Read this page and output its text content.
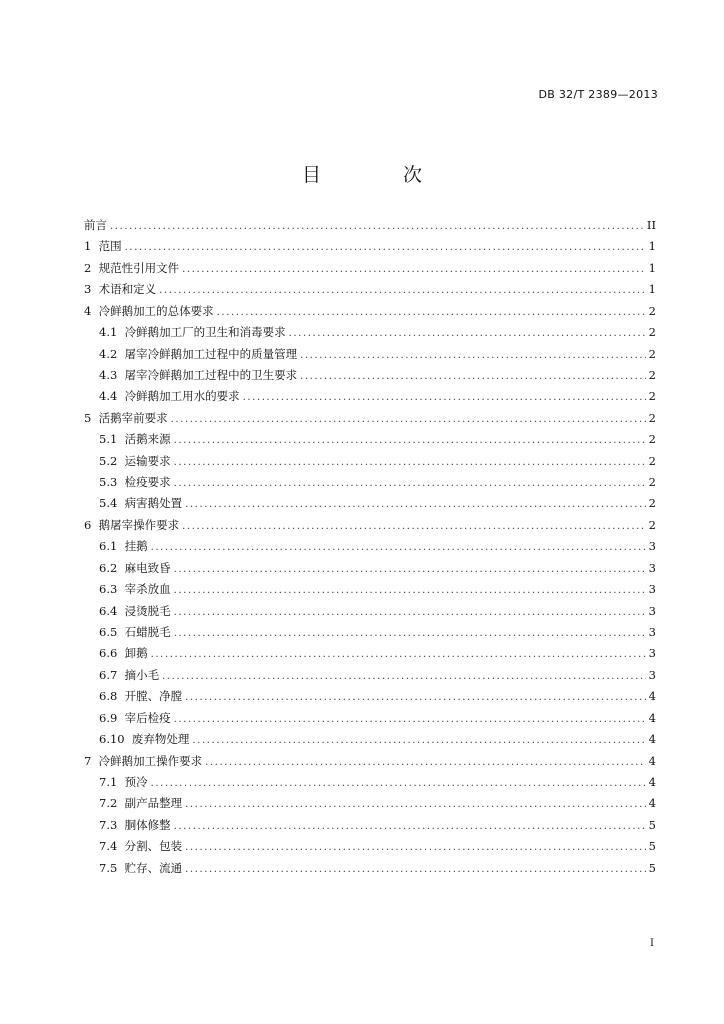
DB 32/T 2389—2013
目 次
前言 .....	II
1 范围 .....	1
2 规范性引用文件 .....	1
3 术语和定义 .....	1
4 冷鲜鹅加工的总体要求 .....	2
4.1 冷鲜鹅加工厂的卫生和消毒要求 .....	2
4.2 屠宰冷鲜鹅加工过程中的质量管理 .....	2
4.3 屠宰冷鲜鹅加工过程中的卫生要求 .....	2
4.4 冷鲜鹅加工用水的要求 .....	2
5 活鹅宰前要求 .....	2
5.1 活鹅来源 .....	2
5.2 运输要求 .....	2
5.3 检疫要求 .....	2
5.4 病害鹅处置 .....	2
6 鹅屠宰操作要求 .....	2
6.1 挂鹅 .....	3
6.2 麻电致昏 .....	3
6.3 宰杀放血 .....	3
6.4 浸烫脱毛 .....	3
6.5 石蜡脱毛 .....	3
6.6 卸鹅 .....	3
6.7 摘小毛 .....	3
6.8 开膛、净膛 .....	4
6.9 宰后检疫 .....	4
6.10 废弃物处理 .....	4
7 冷鲜鹅加工操作要求 .....	4
7.1 预冷 .....	4
7.2 副产品整理 .....	4
7.3 胴体修整 .....	5
7.4 分割、包装 .....	5
7.5 贮存、流通 .....	5
I
